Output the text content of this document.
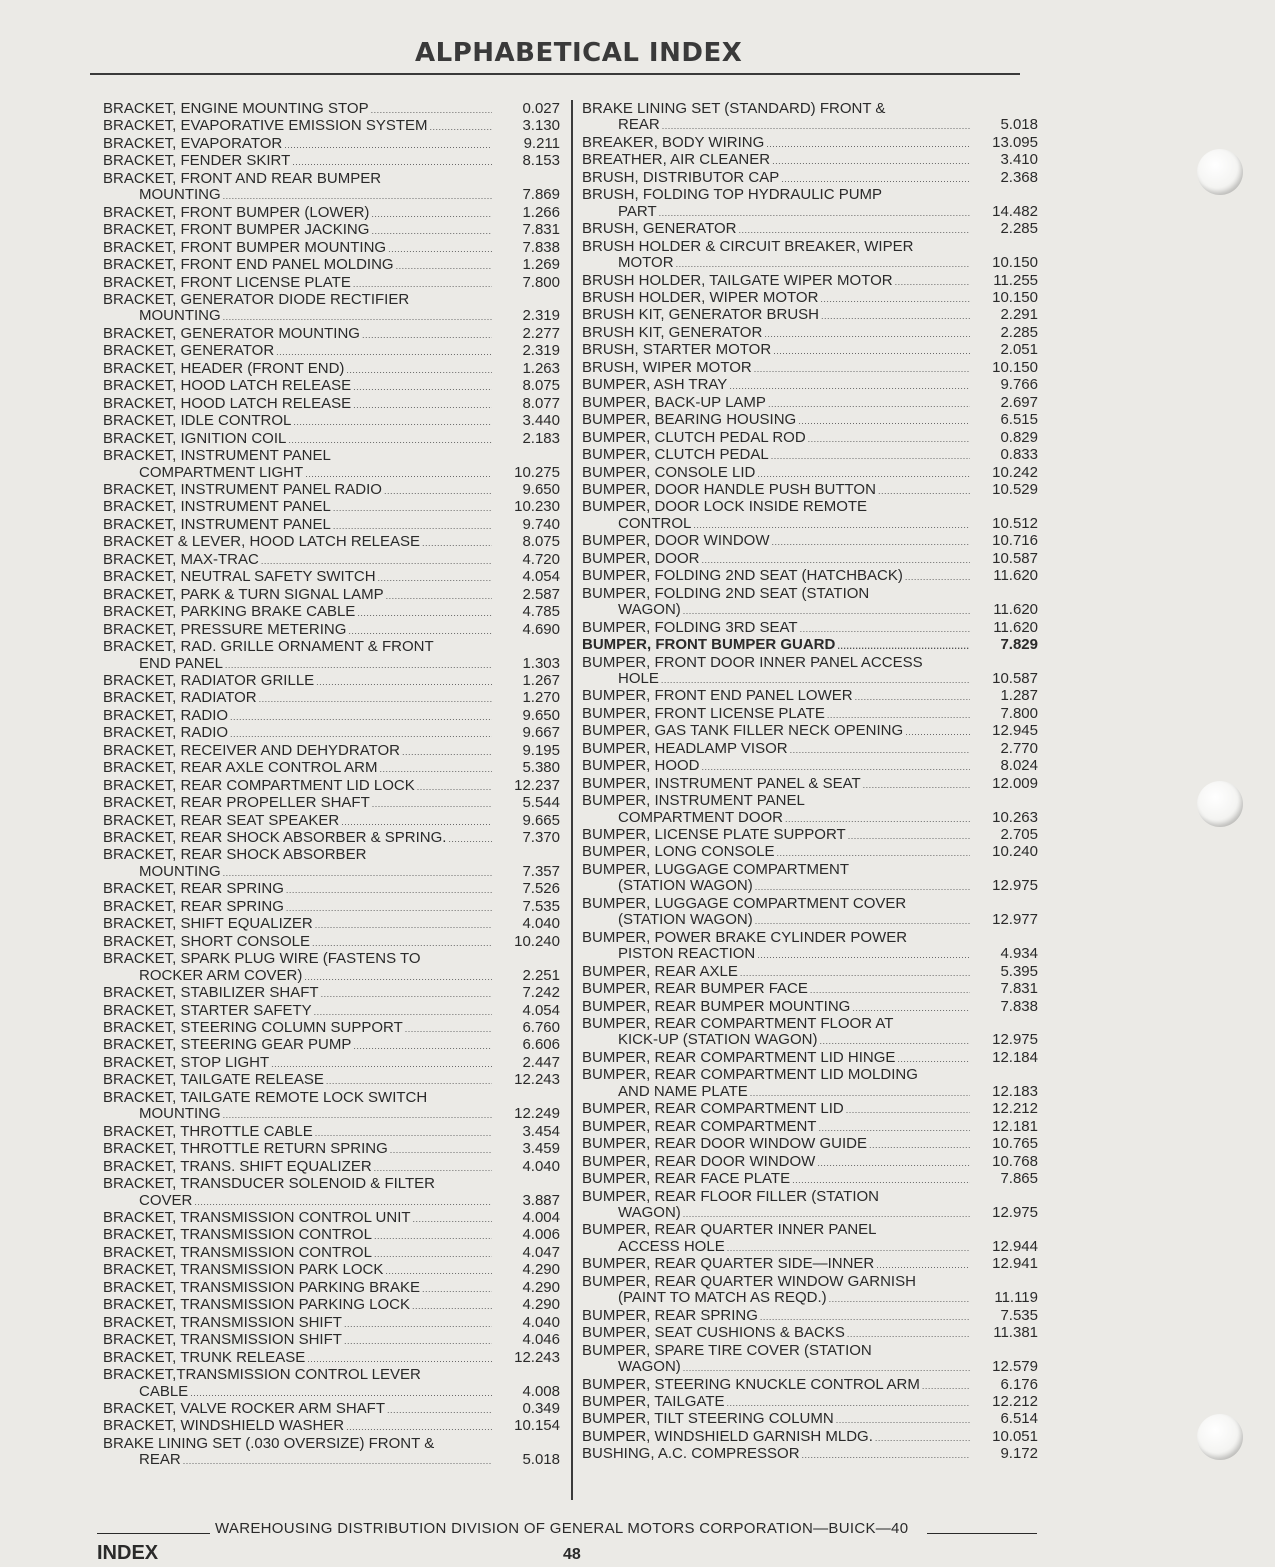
ALPHABETICAL INDEX
BRACKET, ENGINE MOUNTING STOP .....	0.027
BRACKET, EVAPORATIVE EMISSION SYSTEM .....	3.130
BRACKET, EVAPORATOR .....	9.211
BRACKET, FENDER SKIRT .....	8.153
BRACKET, FRONT AND REAR BUMPER
MOUNTING .....	7.869
BRACKET, FRONT BUMPER (LOWER) .....	1.266
BRACKET, FRONT BUMPER JACKING .....	7.831
BRACKET, FRONT BUMPER MOUNTING .....	7.838
BRACKET, FRONT END PANEL MOLDING .....	1.269
BRACKET, FRONT LICENSE PLATE .....	7.800
BRACKET, GENERATOR DIODE RECTIFIER
MOUNTING .....	2.319
BRACKET, GENERATOR MOUNTING .....	2.277
BRACKET, GENERATOR .....	2.319
BRACKET, HEADER (FRONT END) .....	1.263
BRACKET, HOOD LATCH RELEASE .....	8.075
BRACKET, HOOD LATCH RELEASE .....	8.077
BRACKET, IDLE CONTROL .....	3.440
BRACKET, IGNITION COIL .....	2.183
BRACKET, INSTRUMENT PANEL
COMPARTMENT LIGHT .....	10.275
BRACKET, INSTRUMENT PANEL RADIO .....	9.650
BRACKET, INSTRUMENT PANEL .....	10.230
BRACKET, INSTRUMENT PANEL .....	9.740
BRACKET & LEVER, HOOD LATCH RELEASE .....	8.075
BRACKET, MAX-TRAC .....	4.720
BRACKET, NEUTRAL SAFETY SWITCH .....	4.054
BRACKET, PARK & TURN SIGNAL LAMP .....	2.587
BRACKET, PARKING BRAKE CABLE .....	4.785
BRACKET, PRESSURE METERING .....	4.690
BRACKET, RAD. GRILLE ORNAMENT & FRONT
END PANEL .....	1.303
BRACKET, RADIATOR GRILLE .....	1.267
BRACKET, RADIATOR .....	1.270
BRACKET, RADIO .....	9.650
BRACKET, RADIO .....	9.667
BRACKET, RECEIVER AND DEHYDRATOR .....	9.195
BRACKET, REAR AXLE CONTROL ARM .....	5.380
BRACKET, REAR COMPARTMENT LID LOCK .....	12.237
BRACKET, REAR PROPELLER SHAFT .....	5.544
BRACKET, REAR SEAT SPEAKER .....	9.665
BRACKET, REAR SHOCK ABSORBER & SPRING. .....	7.370
BRACKET, REAR SHOCK ABSORBER
MOUNTING .....	7.357
BRACKET, REAR SPRING .....	7.526
BRACKET, REAR SPRING .....	7.535
BRACKET, SHIFT EQUALIZER .....	4.040
BRACKET, SHORT CONSOLE .....	10.240
BRACKET, SPARK PLUG WIRE (FASTENS TO
ROCKER ARM COVER) .....	2.251
BRACKET, STABILIZER SHAFT .....	7.242
BRACKET, STARTER SAFETY .....	4.054
BRACKET, STEERING COLUMN SUPPORT .....	6.760
BRACKET, STEERING GEAR PUMP .....	6.606
BRACKET, STOP LIGHT .....	2.447
BRACKET, TAILGATE RELEASE .....	12.243
BRACKET, TAILGATE REMOTE LOCK SWITCH
MOUNTING .....	12.249
BRACKET, THROTTLE CABLE .....	3.454
BRACKET, THROTTLE RETURN SPRING .....	3.459
BRACKET, TRANS. SHIFT EQUALIZER .....	4.040
BRACKET, TRANSDUCER SOLENOID & FILTER
COVER .....	3.887
BRACKET, TRANSMISSION CONTROL UNIT .....	4.004
BRACKET, TRANSMISSION CONTROL .....	4.006
BRACKET, TRANSMISSION CONTROL .....	4.047
BRACKET, TRANSMISSION PARK LOCK .....	4.290
BRACKET, TRANSMISSION PARKING BRAKE .....	4.290
BRACKET, TRANSMISSION PARKING LOCK .....	4.290
BRACKET, TRANSMISSION SHIFT .....	4.040
BRACKET, TRANSMISSION SHIFT .....	4.046
BRACKET, TRUNK RELEASE .....	12.243
BRACKET,TRANSMISSION CONTROL LEVER
CABLE .....	4.008
BRACKET, VALVE ROCKER ARM SHAFT .....	0.349
BRACKET, WINDSHIELD WASHER .....	10.154
BRAKE LINING SET (.030 OVERSIZE) FRONT &
REAR .....	5.018
BRAKE LINING SET (STANDARD) FRONT &
REAR .....	5.018
BREAKER, BODY WIRING .....	13.095
BREATHER, AIR CLEANER .....	3.410
BRUSH, DISTRIBUTOR CAP .....	2.368
BRUSH, FOLDING TOP HYDRAULIC PUMP
PART .....	14.482
BRUSH, GENERATOR .....	2.285
BRUSH HOLDER & CIRCUIT BREAKER, WIPER
MOTOR .....	10.150
BRUSH HOLDER, TAILGATE WIPER MOTOR .....	11.255
BRUSH HOLDER, WIPER MOTOR .....	10.150
BRUSH KIT, GENERATOR BRUSH .....	2.291
BRUSH KIT, GENERATOR .....	2.285
BRUSH, STARTER MOTOR .....	2.051
BRUSH, WIPER MOTOR .....	10.150
BUMPER, ASH TRAY .....	9.766
BUMPER, BACK-UP LAMP .....	2.697
BUMPER, BEARING HOUSING .....	6.515
BUMPER, CLUTCH PEDAL ROD .....	0.829
BUMPER, CLUTCH PEDAL .....	0.833
BUMPER, CONSOLE LID .....	10.242
BUMPER, DOOR HANDLE PUSH BUTTON .....	10.529
BUMPER, DOOR LOCK INSIDE REMOTE
CONTROL .....	10.512
BUMPER, DOOR WINDOW .....	10.716
BUMPER, DOOR .....	10.587
BUMPER, FOLDING 2ND SEAT (HATCHBACK) .....	11.620
BUMPER, FOLDING 2ND SEAT (STATION
WAGON) .....	11.620
BUMPER, FOLDING 3RD SEAT .....	11.620
BUMPER, FRONT BUMPER GUARD .....	7.829
BUMPER, FRONT DOOR INNER PANEL ACCESS
HOLE .....	10.587
BUMPER, FRONT END PANEL LOWER .....	1.287
BUMPER, FRONT LICENSE PLATE .....	7.800
BUMPER, GAS TANK FILLER NECK OPENING .....	12.945
BUMPER, HEADLAMP VISOR .....	2.770
BUMPER, HOOD .....	8.024
BUMPER, INSTRUMENT PANEL & SEAT .....	12.009
BUMPER, INSTRUMENT PANEL
COMPARTMENT DOOR .....	10.263
BUMPER, LICENSE PLATE SUPPORT .....	2.705
BUMPER, LONG CONSOLE .....	10.240
BUMPER, LUGGAGE COMPARTMENT
(STATION WAGON) .....	12.975
BUMPER, LUGGAGE COMPARTMENT COVER
(STATION WAGON) .....	12.977
BUMPER, POWER BRAKE CYLINDER POWER
PISTON REACTION .....	4.934
BUMPER, REAR AXLE .....	5.395
BUMPER, REAR BUMPER FACE .....	7.831
BUMPER, REAR BUMPER MOUNTING .....	7.838
BUMPER, REAR COMPARTMENT FLOOR AT
KICK-UP (STATION WAGON) .....	12.975
BUMPER, REAR COMPARTMENT LID HINGE .....	12.184
BUMPER, REAR COMPARTMENT LID MOLDING
AND NAME PLATE .....	12.183
BUMPER, REAR COMPARTMENT LID .....	12.212
BUMPER, REAR COMPARTMENT .....	12.181
BUMPER, REAR DOOR WINDOW GUIDE .....	10.765
BUMPER, REAR DOOR WINDOW .....	10.768
BUMPER, REAR FACE PLATE .....	7.865
BUMPER, REAR FLOOR FILLER (STATION
WAGON) .....	12.975
BUMPER, REAR QUARTER INNER PANEL
ACCESS HOLE .....	12.944
BUMPER, REAR QUARTER SIDE—INNER .....	12.941
BUMPER, REAR QUARTER WINDOW GARNISH
(PAINT TO MATCH AS REQD.) .....	11.119
BUMPER, REAR SPRING .....	7.535
BUMPER, SEAT CUSHIONS & BACKS .....	11.381
BUMPER, SPARE TIRE COVER (STATION
WAGON) .....	12.579
BUMPER, STEERING KNUCKLE CONTROL ARM .....	6.176
BUMPER, TAILGATE .....	12.212
BUMPER, TILT STEERING COLUMN .....	6.514
BUMPER, WINDSHIELD GARNISH MLDG. .....	10.051
BUSHING, A.C. COMPRESSOR .....	9.172
WAREHOUSING DISTRIBUTION DIVISION OF GENERAL MOTORS CORPORATION—BUICK—40
INDEX	48
